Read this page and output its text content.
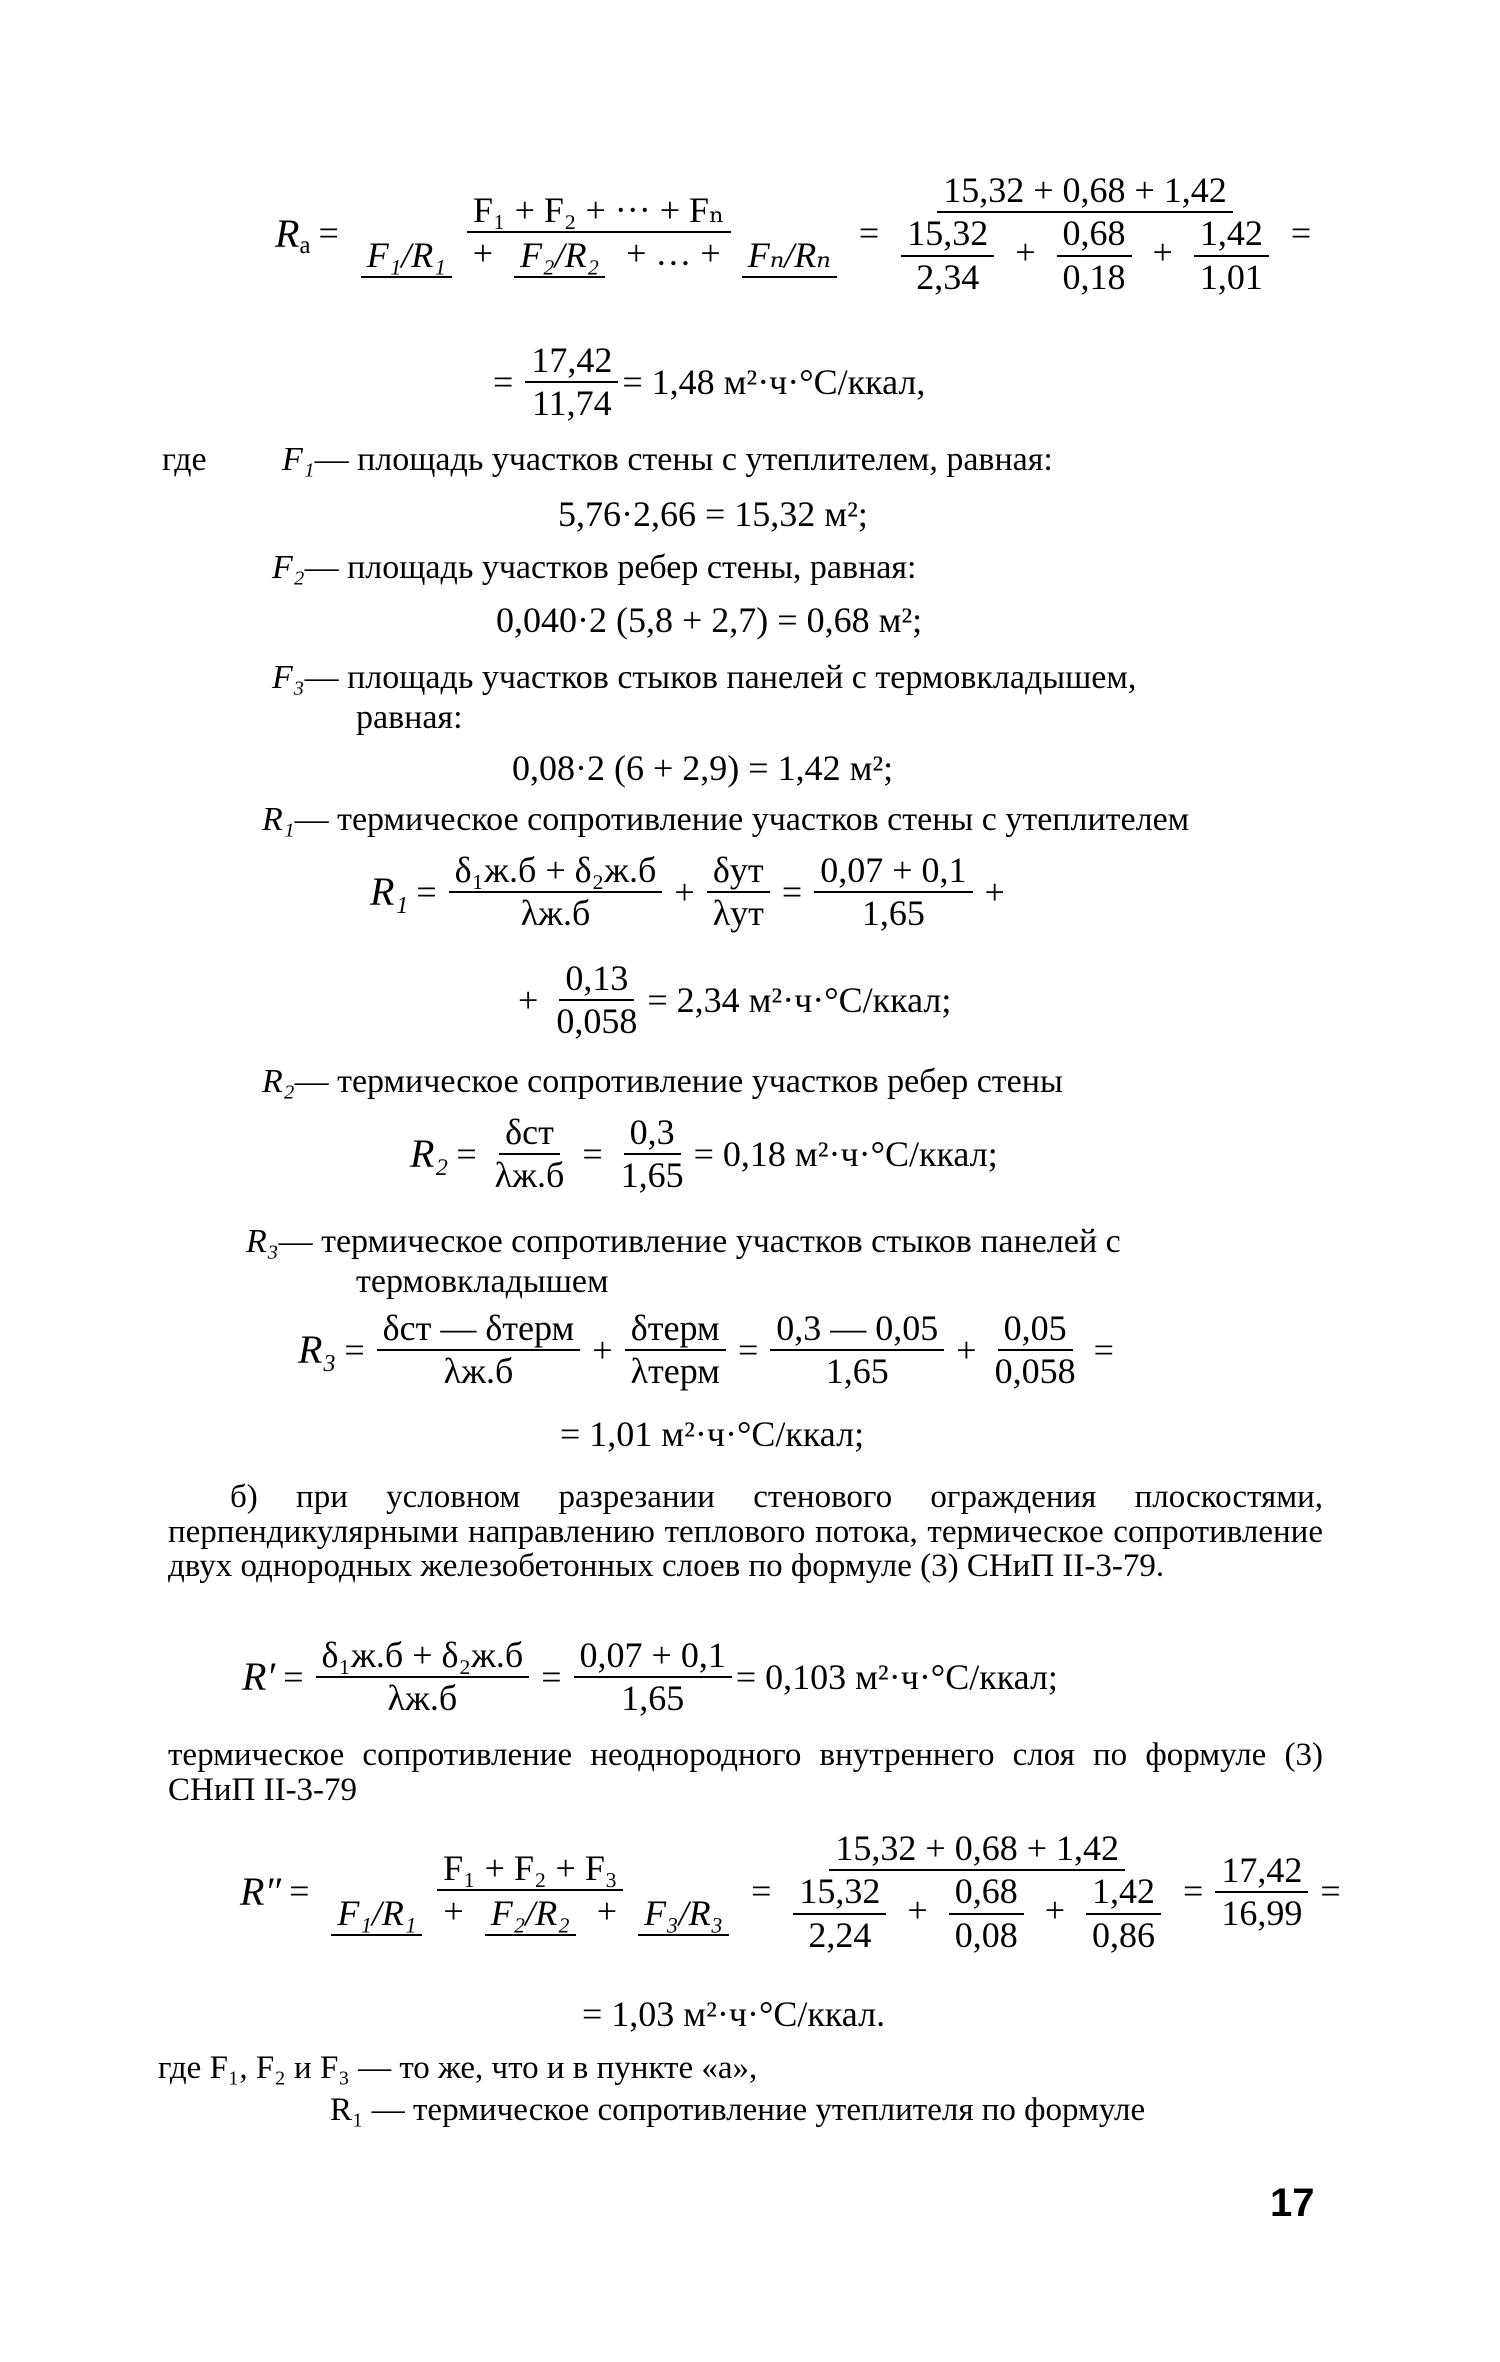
$R_а = \frac{\text{F₁ + F₂ + ··· + Fₙ}}{\text{F₁/R₁ + F₂/R₂ + … + Fₙ/Rₙ}} = \frac{15,32 + 0,68 + 1,42}{\frac{15,32}{2,34} + \frac{0,68}{0,18} + \frac{1,42}{1,01}}$ =
= $\frac{17,42}{11,74} = 1,48$ м²·ч·°С/ккал,
где F₁— площадь участков стены с утеплителем, равная:
5,76·2,66 = 15,32 м²;
F₂— площадь участков ребер стены, равная:
0,040·2 (5,8 + 2,7) = 0,68 м²;
F₃— площадь участков стыков панелей с термовкладышем,
равная:
0,08·2 (6 + 2,9) = 1,42 м²;
R₁— термическое сопротивление участков стены с утеплителем
$R_1 = \frac{\text{δ₁ж.б + δ₂ж.б}}{\lambda ж.б} + \frac{\text{δут}}{\text{λут}} = \frac{0,07 + 0,1}{1,65}$ +
+ $\frac{0,13}{0,058} = 2,34$ м²·ч·°С/ккал;
R₂— термическое сопротивление участков ребер стены
$R_2 = \frac{\text{δст}}{\lambda ж.б} = \frac{0,3}{1,65} = 0,18$ м²·ч·°С/ккал;
R₃— термическое сопротивление участков стыков панелей с
термовкладышем
$R_3 = \frac{\text{δст — δтерм}}{\lambda ж.б} + \frac{\text{δтерм}}{\text{λтерм}} = \frac{0,3 — 0,05}{1,65} + \frac{0,05}{0,058}$ =
= 1,01 м²·ч·°С/ккал;
б) при условном разрезании стенового ограждения плоскостями, перпендикулярными направлению теплового потока, термическое сопротивление двух однородных железобетонных слоев по формуле (3) СНиП II-3-79.
$R' = \frac{\text{δ₁ж.б + δ₂ж.б}}{\lambda ж.б} = \frac{0,07 + 0,1}{1,65} = 0,103$ м²·ч·°С/ккал;
термическое сопротивление неоднородного внутреннего слоя по формуле (3) СНиП II-3-79
$R'' = \frac{\text{F₁ + F₂ + F₃}}{\text{F₁/R₁ + F₂/R₂ + F₃/R₃}} = \frac{15,32 + 0,68 + 1,42}{\frac{15,32}{2,24} + \frac{0,68}{0,08} + \frac{1,42}{0,86}} = \frac{17,42}{16,99}$ =
= 1,03 м²·ч·°С/ккал.
где F₁, F₂ и F₃ — то же, что и в пункте «а»,
R₁ — термическое сопротивление утеплителя по формуле
17
